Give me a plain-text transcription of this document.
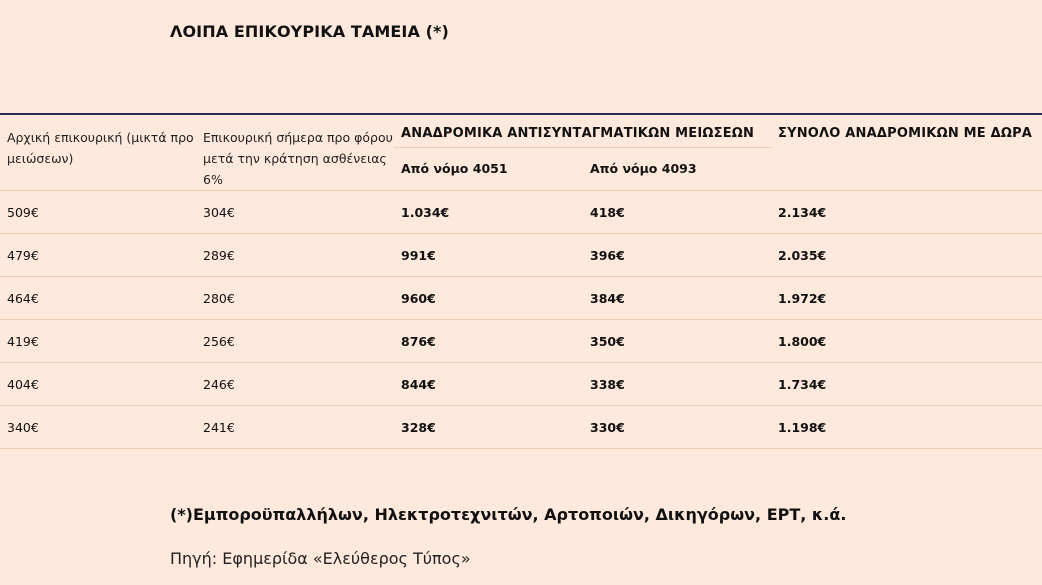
ΛΟΙΠΑ ΕΠΙΚΟΥΡΙΚΑ ΤΑΜΕΙΑ (*)
Αρχική επικουρική (μικτά προ μειώσεων)	Επικουρική σήμερα προ φόρου μετά την κράτηση ασθένειας 6%	ΑΝΑΔΡΟΜΙΚΑ ΑΝΤΙΣΥΝΤΑΓΜΑΤΙΚΩΝ ΜΕΙΩΣΕΩΝ		ΣΥΝΟΛΟ ΑΝΑΔΡΟΜΙΚΩΝ ΜΕ ΔΩΡΑ
		Από νόμο 4051	Από νόμο 4093	
509€	304€	1.034€	418€	2.134€
479€	289€	991€	396€	2.035€
464€	280€	960€	384€	1.972€
419€	256€	876€	350€	1.800€
404€	246€	844€	338€	1.734€
340€	241€	328€	330€	1.198€

(*)Εμποροϋπαλλήλων, Ηλεκτροτεχνιτών, Αρτοποιών, Δικηγόρων, ΕΡΤ, κ.ά.

Πηγή: Εφημερίδα «Ελεύθερος Τύπος»
